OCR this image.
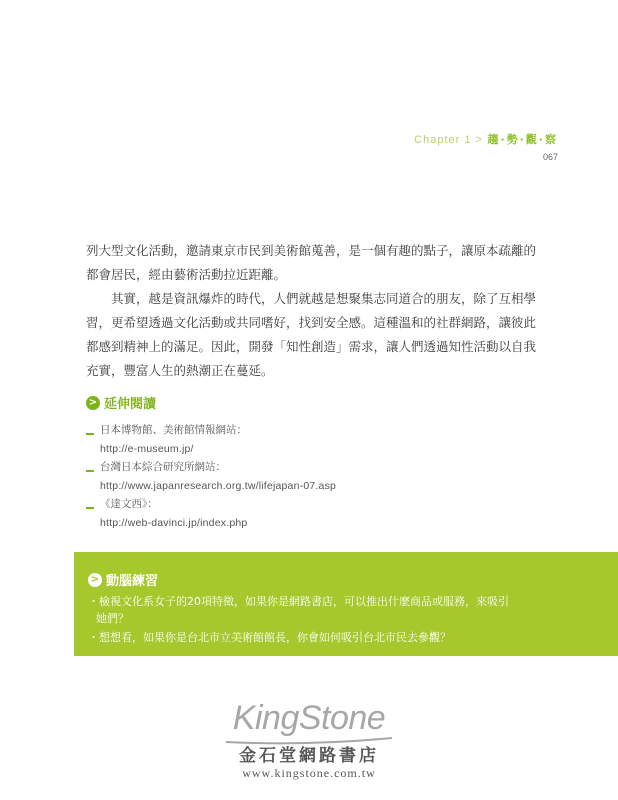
Chapter 1 > 趨·勢·觀·察
067

列大型文化活動，邀請東京市民到美術館蒐善，是一個有趣的點子，讓原本疏離的都會居民，經由藝術活動拉近距離。

其實，越是資訊爆炸的時代，人們就越是想聚集志同道合的朋友，除了互相學習，更希望透過文化活動或共同嗜好，找到安全感。這種溫和的社群網路，讓彼此都感到精神上的滿足。因此，開發「知性創造」需求，讓人們透過知性活動以自我充實，豐富人生的熱潮正在蔓延。

> 延伸閱讀
日本博物館、美術館情報網站：
http://e-museum.jp/
台灣日本綜合研究所網站：
http://www.japanresearch.org.tw/lifejapan-07.asp
《達文西》：
http://web-davinci.jp/index.php
> 動腦練習
・檢視文化系女子的20項特徵，如果你是網路書店，可以推出什麼商品或服務，來吸引她們？
・想想看，如果你是台北市立美術館館長，你會如何吸引台北市民去參觀？
KingStone
金石堂網路書店
www.kingstone.com.tw
